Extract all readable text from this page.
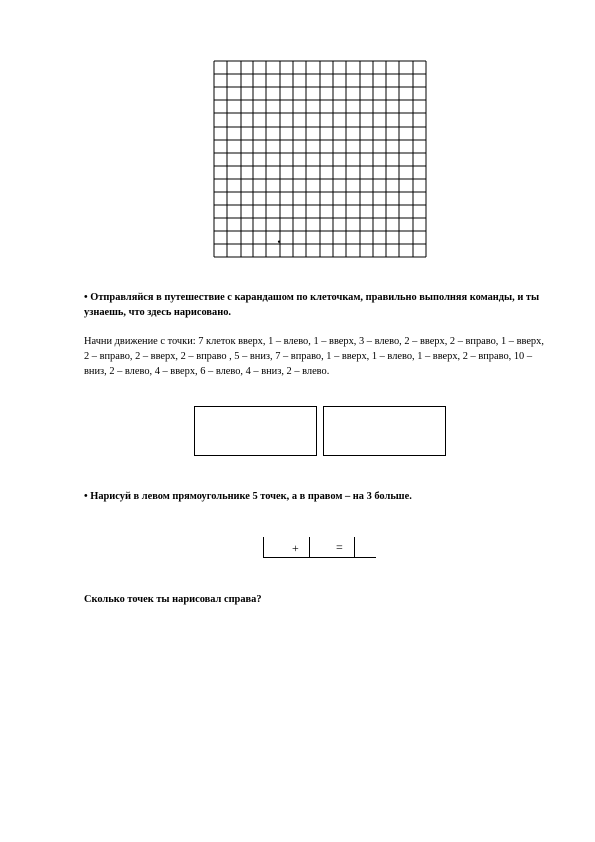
•
• Отправляйся в путешествие с карандашом по клеточкам, правильно выполняя команды, и ты узнаешь, что здесь нарисовано.
Начни движение с точки: 7 клеток вверх, 1 – влево, 1 – вверх, 3 – влево, 2 – вверх, 2 – вправо, 1 – вверх, 2 – вправо, 2 – вверх, 2 – вправо , 5 – вниз, 7 – вправо, 1 – вверх, 1 – влево, 1 – вверх, 2 – вправо, 10 – вниз, 2 – влево, 4 – вверх, 6 – влево, 4 – вниз, 2 – влево.
• Нарисуй в левом прямоугольнике 5 точек, а в правом – на 3 больше.
+	=
Сколько точек ты нарисовал справа?
